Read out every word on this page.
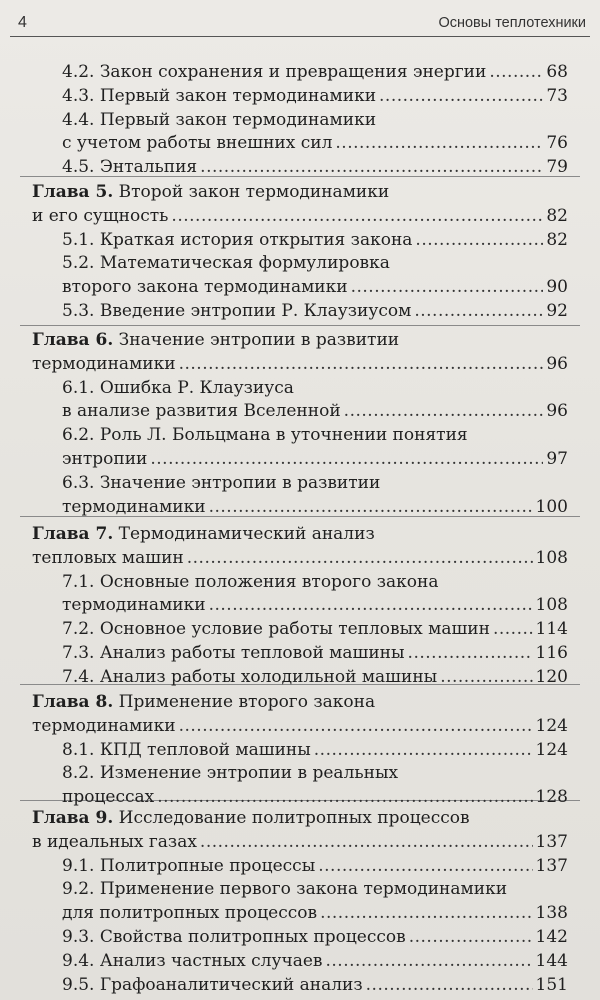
4	Основы теплотехники
4.2. Закон сохранения и превращения энергии .....	68
4.3. Первый закон термодинамики .....	73
4.4. Первый закон термодинамики
с учетом работы внешних сил .....	76
4.5. Энтальпия .....	79
Глава 5.
Второй закон термодинамики
и его сущность .....	82
5.1. Краткая история открытия закона .....	82
5.2. Математическая формулировка
второго закона термодинамики .....	90
5.3. Введение энтропии Р. Клаузиусом .....	92
Глава 6.
Значение энтропии в развитии
термодинамики .....	96
6.1. Ошибка Р. Клаузиуса
в анализе развития Вселенной .....	96
6.2. Роль Л. Больцмана в уточнении понятия
энтропии .....	97
6.3. Значение энтропии в развитии
термодинамики .....	100
Глава 7.
Термодинамический анализ
тепловых машин .....	108
7.1. Основные положения второго закона
термодинамики .....	108
7.2. Основное условие работы тепловых машин .....	114
7.3. Анализ работы тепловой машины .....	116
7.4. Анализ работы холодильной машины .....	120
Глава 8.
Применение второго закона
термодинамики .....	124
8.1. КПД тепловой машины .....	124
8.2. Изменение энтропии в реальных
процессах .....	128
Глава 9.
Исследование политропных процессов
в идеальных газах .....	137
9.1. Политропные процессы .....	137
9.2. Применение первого закона термодинамики
для политропных процессов .....	138
9.3. Свойства политропных процессов .....	142
9.4. Анализ частных случаев .....	144
9.5. Графоаналитический анализ .....	151
